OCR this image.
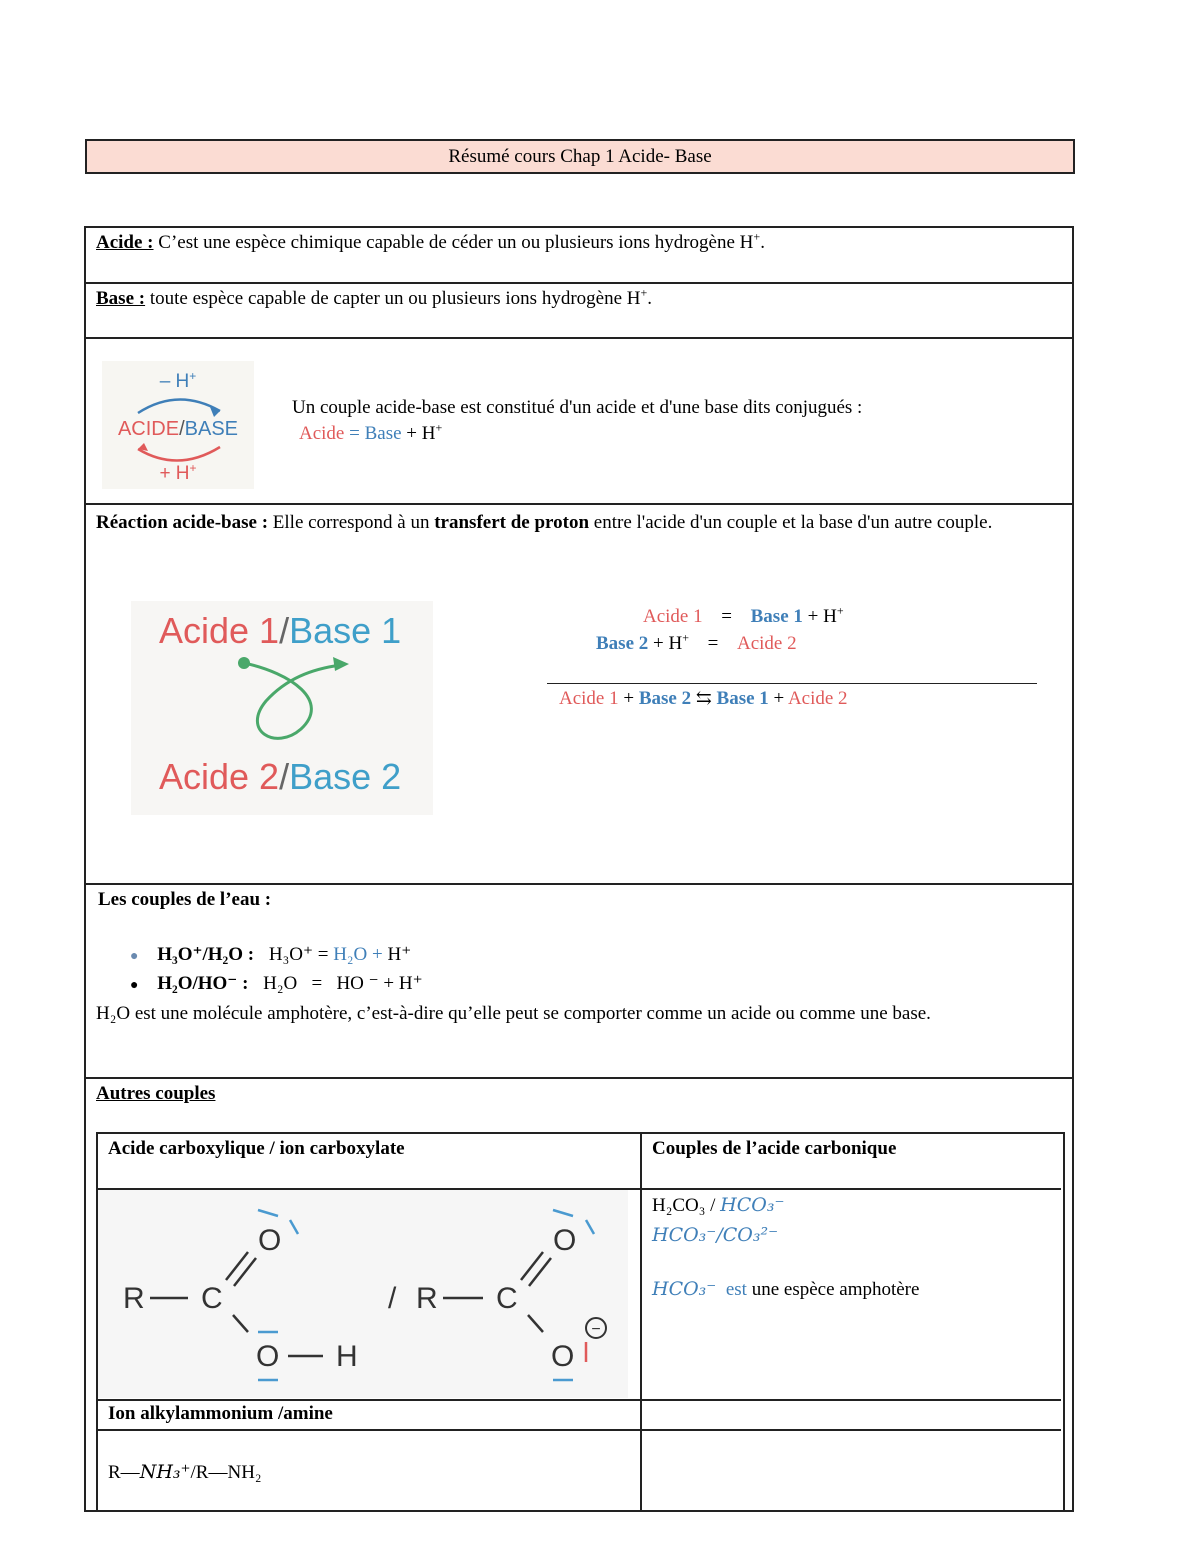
Résumé cours Chap 1 Acide- Base
Acide : C’est une espèce chimique capable de céder un ou plusieurs ions hydrogène H+.
Base : toute espèce capable de capter un ou plusieurs ions hydrogène H+.
– H+
ACIDE/BASE
+ H+
Un couple acide-base est constitué d'un acide et d'une base dits conjugués :
Acide = Base + H+
Réaction acide-base : Elle correspond à un transfert de proton entre l'acide d'un couple et la base d'un autre couple.
Acide 1/Base 1
Acide 2/Base 2
Acide 1 = Base 1 + H+
Base 2 + H+ = Acide 2
Acide 1 + Base 2 ⇆ Base 1 + Acide 2
Les couples de l’eau :
● H₃O⁺/H₂O : H₃O⁺ = H₂O + H⁺
● H₂O/HO⁻ : H₂O   =   HO ⁻ + H⁺
H₂O est une molécule amphotère, c’est-à-dire qu’elle peut se comporter comme un acide ou comme une base.
Autres couples
Acide carboxylique / ion carboxylate	Couples de l’acide carbonique
R C
O
O H
/ R C
O
O
−
H₂CO₃ / HCO₃⁻
HCO₃⁻/CO₃²⁻
HCO₃⁻  est une espèce amphotère
Ion alkylammonium /amine
R—NH₃⁺/R—NH₂
